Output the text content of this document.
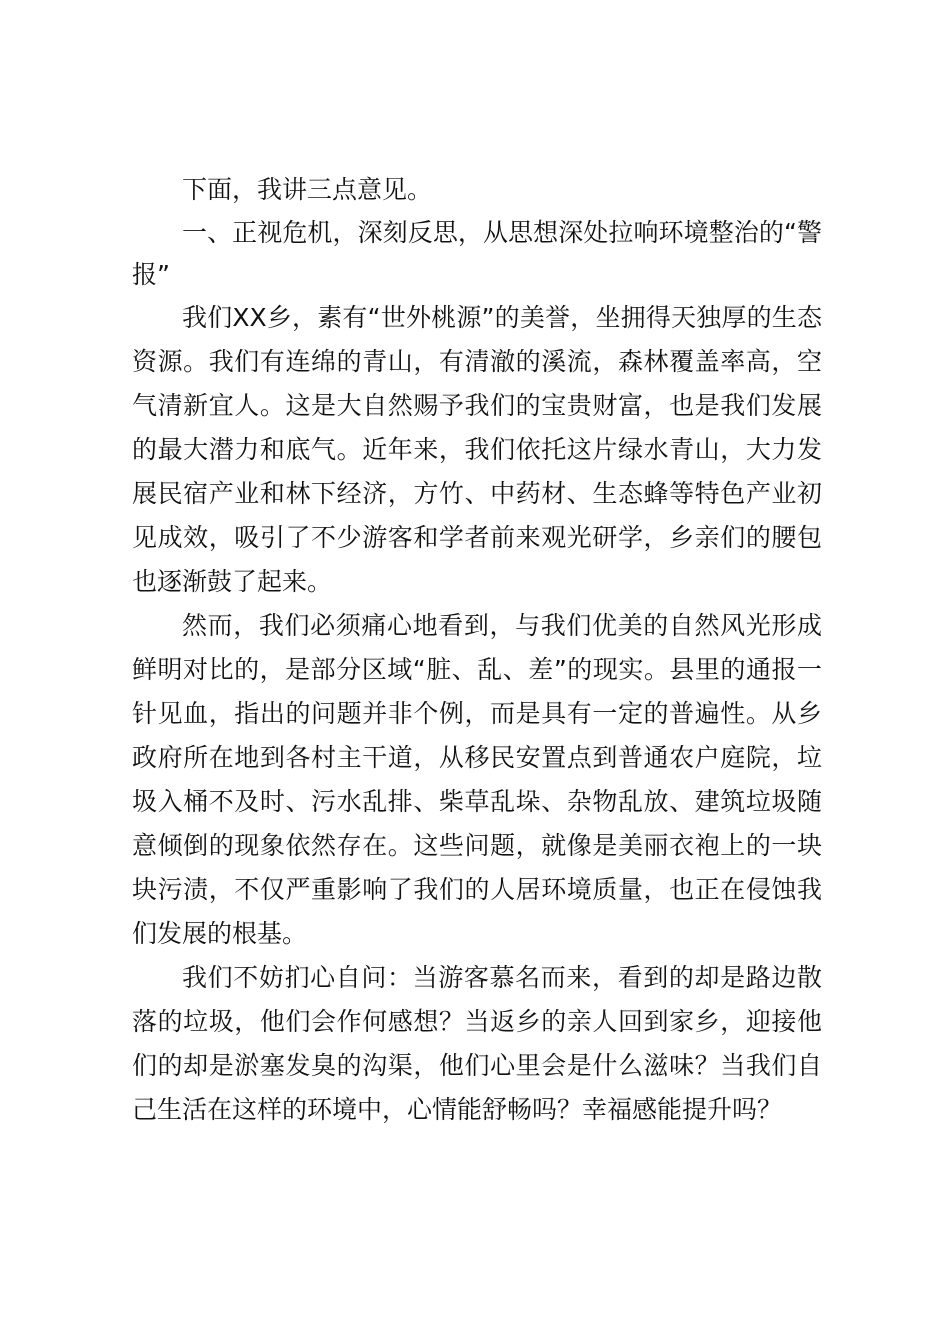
下面，我讲三点意见。

一、正视危机，深刻反思，从思想深处拉响环境整治的“警报”

我们XX乡，素有“世外桃源”的美誉，坐拥得天独厚的生态资源。我们有连绵的青山，有清澈的溪流，森林覆盖率高，空气清新宜人。这是大自然赐予我们的宝贵财富，也是我们发展的最大潜力和底气。近年来，我们依托这片绿水青山，大力发展民宿产业和林下经济，方竹、中药材、生态蜂等特色产业初见成效，吸引了不少游客和学者前来观光研学，乡亲们的腰包也逐渐鼓了起来。

然而，我们必须痛心地看到，与我们优美的自然风光形成鲜明对比的，是部分区域“脏、乱、差”的现实。县里的通报一针见血，指出的问题并非个例，而是具有一定的普遍性。从乡政府所在地到各村主干道，从移民安置点到普通农户庭院，垃圾入桶不及时、污水乱排、柴草乱垛、杂物乱放、建筑垃圾随意倾倒的现象依然存在。这些问题，就像是美丽衣袍上的一块块污渍，不仅严重影响了我们的人居环境质量，也正在侵蚀我们发展的根基。

我们不妨扪心自问：当游客慕名而来，看到的却是路边散落的垃圾，他们会作何感想？当返乡的亲人回到家乡，迎接他们的却是淤塞发臭的沟渠，他们心里会是什么滋味？当我们自己生活在这样的环境中，心情能舒畅吗？幸福感能提升吗？
